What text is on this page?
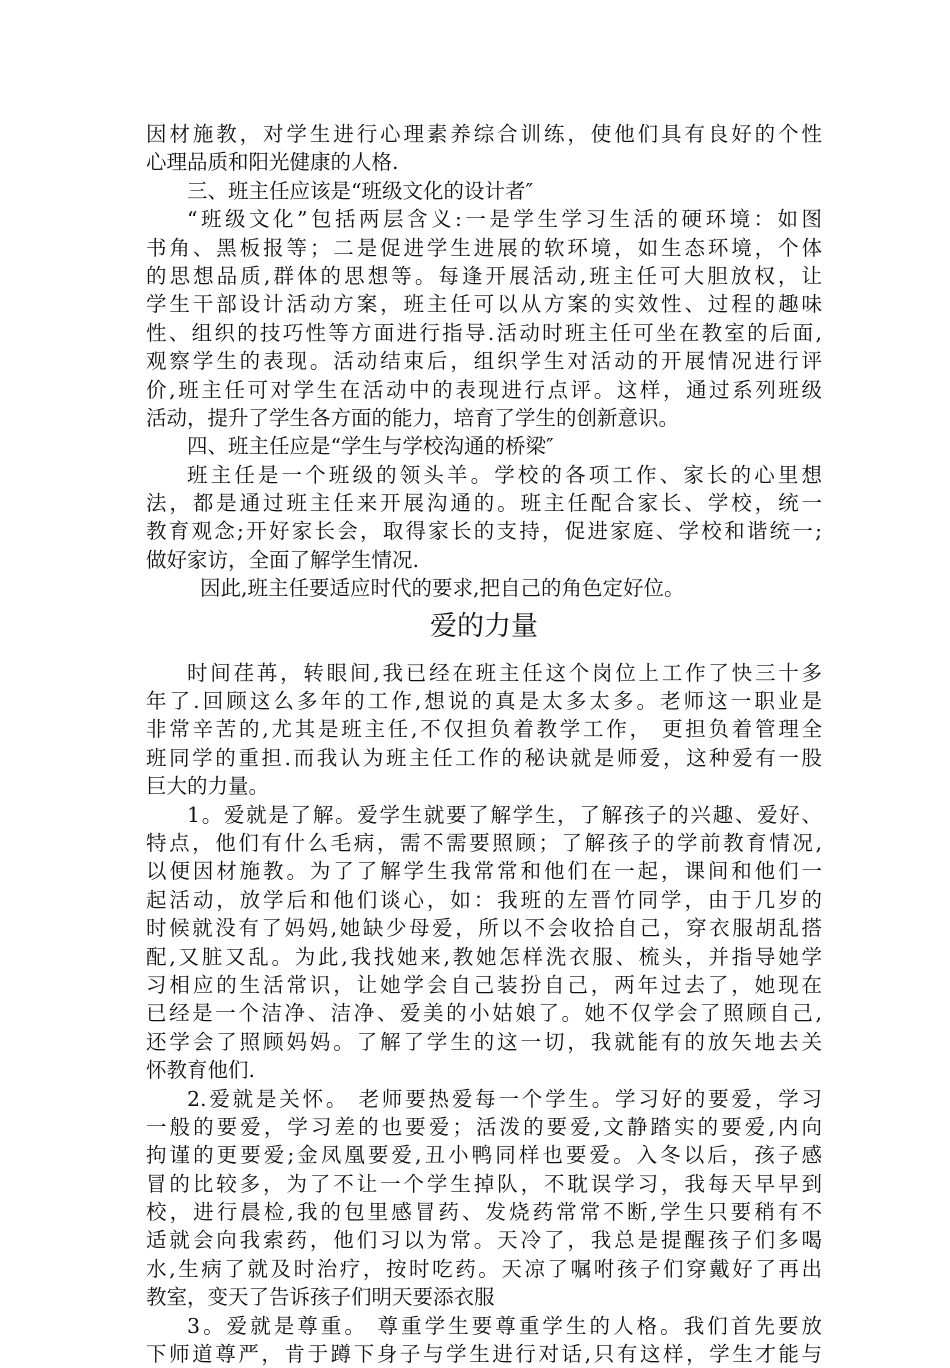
因材施教，对学生进行心理素养综合训练，使他们具有良好的个性
心理品质和阳光健康的人格.
三、班主任应该是“班级文化的设计者″
“班级文化”包括两层含义:一是学生学习生活的硬环境：如图
书角、黑板报等；二是促进学生进展的软环境，如生态环境，个体
的思想品质,群体的思想等。每逢开展活动,班主任可大胆放权，让
学生干部设计活动方案，班主任可以从方案的实效性、过程的趣味
性、组织的技巧性等方面进行指导.活动时班主任可坐在教室的后面,
观察学生的表现。活动结束后，组织学生对活动的开展情况进行评
价,班主任可对学生在活动中的表现进行点评。这样，通过系列班级
活动，提升了学生各方面的能力，培育了学生的创新意识。
四、班主任应是“学生与学校沟通的桥梁″
班主任是一个班级的领头羊。学校的各项工作、家长的心里想
法，都是通过班主任来开展沟通的。班主任配合家长、学校，统一
教育观念;开好家长会，取得家长的支持，促进家庭、学校和谐统一;
做好家访，全面了解学生情况.
因此,班主任要适应时代的要求,把自己的角色定好位。
爱的力量
时间荏苒，转眼间,我已经在班主任这个岗位上工作了快三十多
年了.回顾这么多年的工作,想说的真是太多太多。老师这一职业是
非常辛苦的,尤其是班主任,不仅担负着教学工作， 更担负着管理全
班同学的重担.而我认为班主任工作的秘诀就是师爱，这种爱有一股
巨大的力量。
1。爱就是了解。爱学生就要了解学生，了解孩子的兴趣、爱好、
特点，他们有什么毛病，需不需要照顾；了解孩子的学前教育情况,
以便因材施教。为了了解学生我常常和他们在一起，课间和他们一
起活动，放学后和他们谈心，如：我班的左晋竹同学，由于几岁的
时候就没有了妈妈,她缺少母爱，所以不会收拾自己，穿衣服胡乱搭
配,又脏又乱。为此,我找她来,教她怎样洗衣服、梳头，并指导她学
习相应的生活常识，让她学会自己装扮自己，两年过去了，她现在
已经是一个洁净、洁净、爱美的小姑娘了。她不仅学会了照顾自己,
还学会了照顾妈妈。了解了学生的这一切，我就能有的放矢地去关
怀教育他们.
2.爱就是关怀。 老师要热爱每一个学生。学习好的要爱，学习
一般的要爱，学习差的也要爱；活泼的要爱,文静踏实的要爱,内向
拘谨的更要爱;金凤凰要爱,丑小鸭同样也要爱。入冬以后，孩子感
冒的比较多，为了不让一个学生掉队，不耽误学习，我每天早早到
校，进行晨检,我的包里感冒药、发烧药常常不断,学生只要稍有不
适就会向我索药，他们习以为常。天冷了，我总是提醒孩子们多喝
水,生病了就及时治疗，按时吃药。天凉了嘱咐孩子们穿戴好了再出
教室，变天了告诉孩子们明天要添衣服
3。爱就是尊重。 尊重学生要尊重学生的人格。我们首先要放
下师道尊严，肯于蹲下身子与学生进行对话,只有这样，学生才能与
